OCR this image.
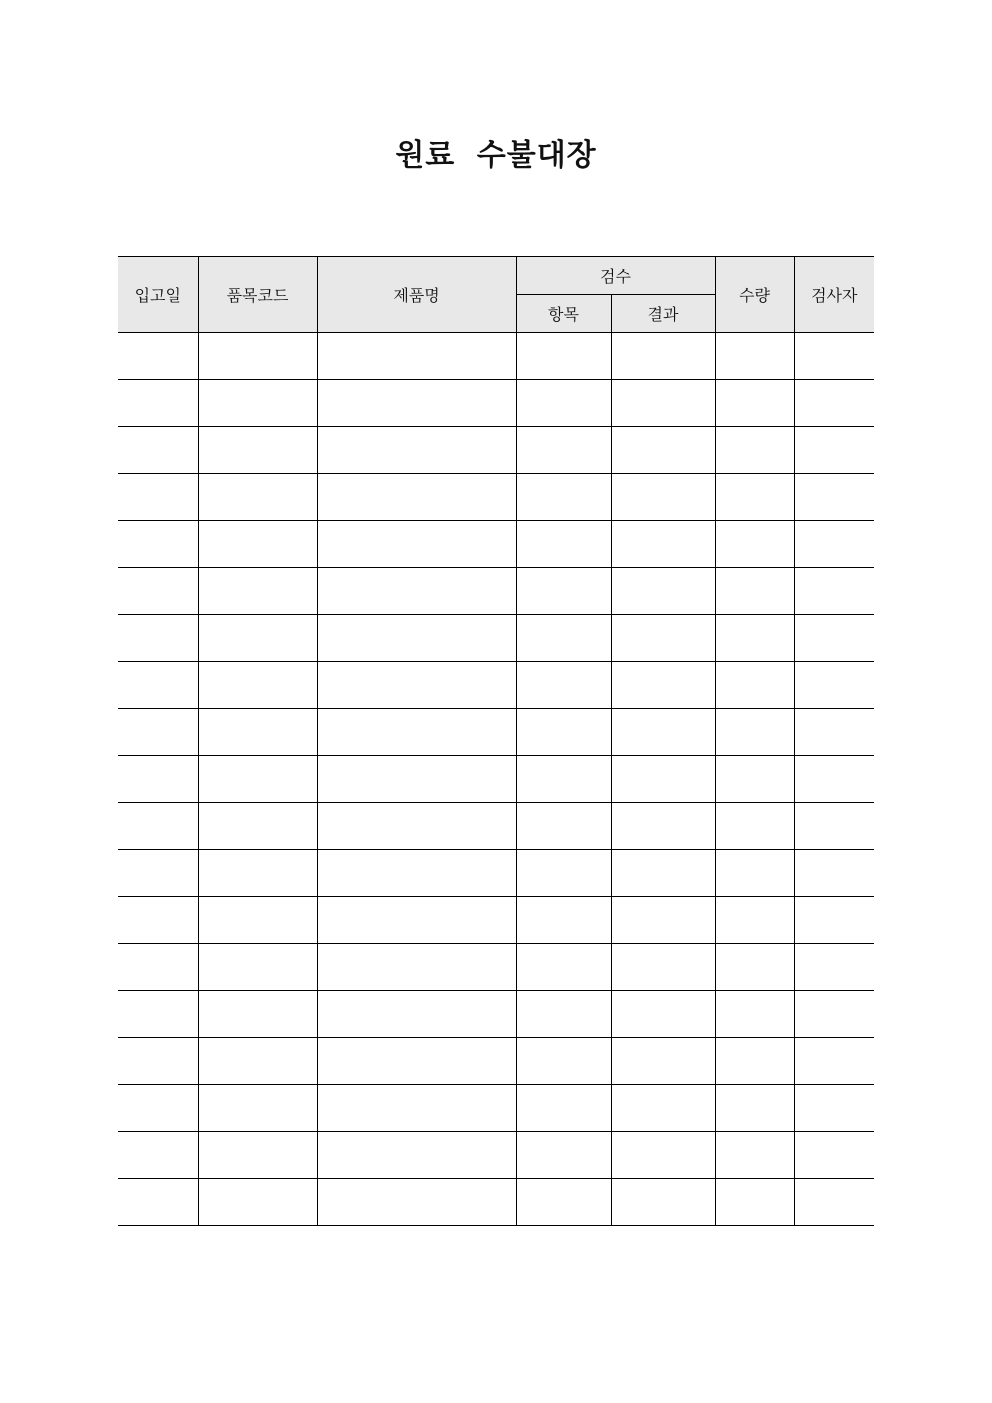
원료 수불대장
입고일	품목코드	제품명	검수		수량	검사자
			항목	결과		
